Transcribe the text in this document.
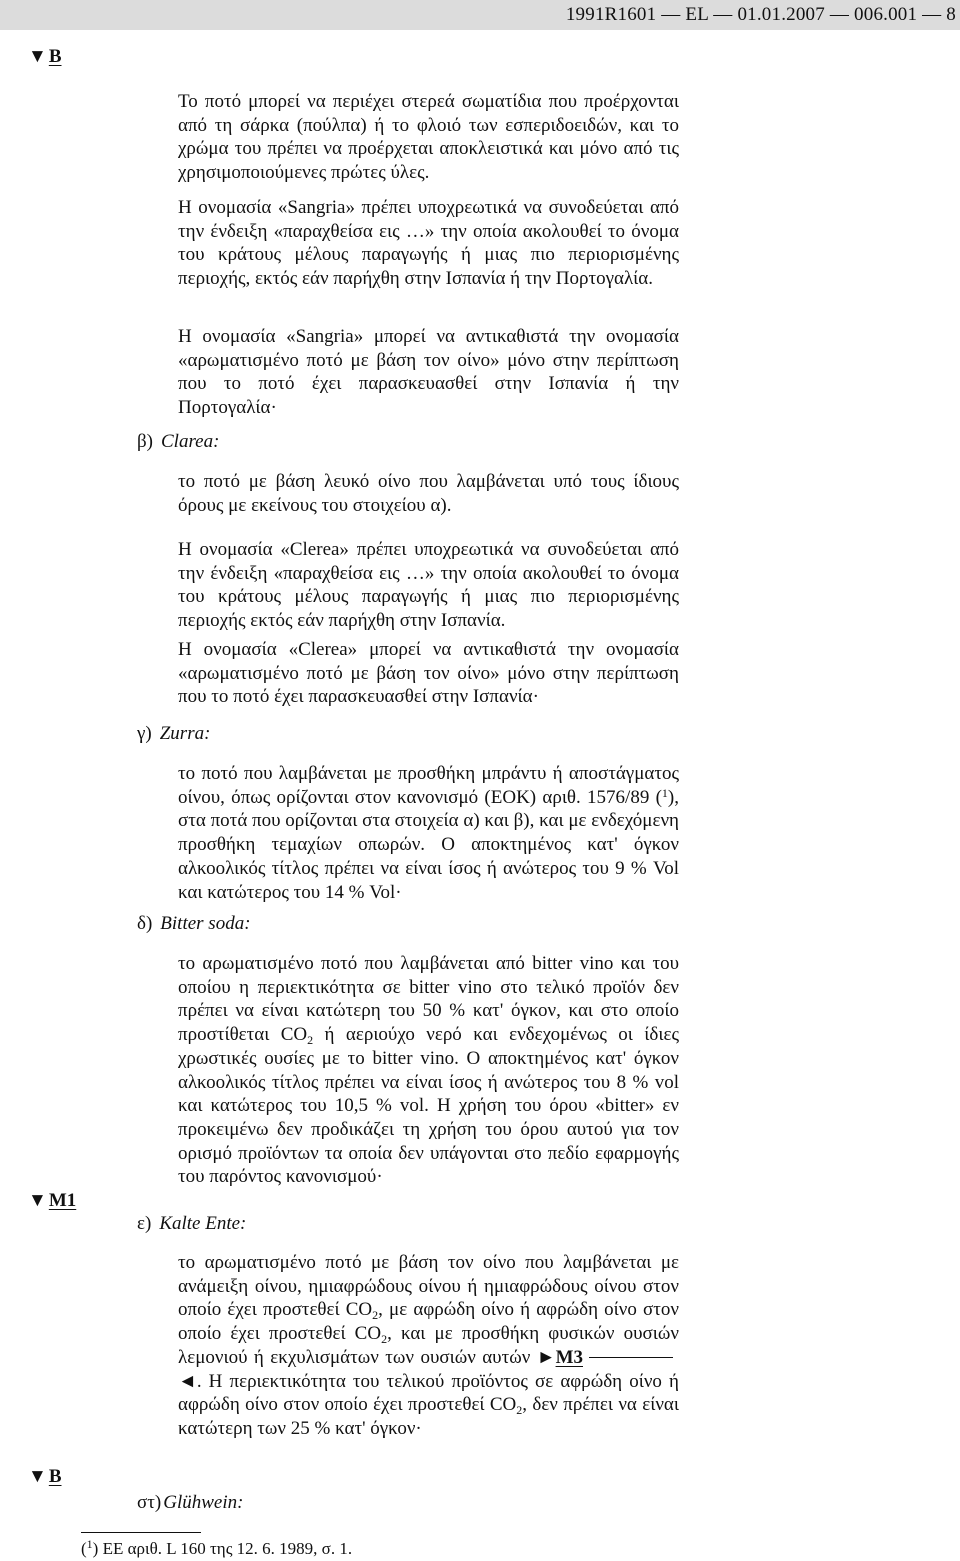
1991R1601 — EL — 01.01.2007 — 006.001 — 8
▼ B

Το ποτό μπορεί να περιέχει στερεά σωματίδια που προέρχονται από τη σάρκα (πούλπα) ή το φλοιό των εσπεριδοειδών, και το χρώμα του πρέπει να προέρχεται αποκλειστικά και μόνο από τις χρησιμοποιούμενες πρώτες ύλες.

Η ονομασία «Sangria» πρέπει υποχρεωτικά να συνοδεύεται από την ένδειξη «παραχθείσα εις …» την οποία ακολουθεί το όνομα του κράτους μέλους παραγωγής ή μιας πιο περιορισμένης περιοχής, εκτός εάν παρήχθη στην Ισπανία ή την Πορτογαλία.

Η ονομασία «Sangria» μπορεί να αντικαθιστά την ονομασία «αρωματισμένο ποτό με βάση τον οίνο» μόνο στην περίπτωση που το ποτό έχει παρασκευασθεί στην Ισπανία ή την Πορτογαλία·

β) Clarea:

το ποτό με βάση λευκό οίνο που λαμβάνεται υπό τους ίδιους όρους με εκείνους του στοιχείου α).

Η ονομασία «Clerea» πρέπει υποχρεωτικά να συνοδεύεται από την ένδειξη «παραχθείσα εις …» την οποία ακολουθεί το όνομα του κράτους μέλους παραγωγής ή μιας πιο περιορισμένης περιοχής εκτός εάν παρήχθη στην Ισπανία.

Η ονομασία «Clerea» μπορεί να αντικαθιστά την ονομασία «αρωματισμένο ποτό με βάση τον οίνο» μόνο στην περίπτωση που το ποτό έχει παρασκευασθεί στην Ισπανία·

γ) Zurra:

το ποτό που λαμβάνεται με προσθήκη μπράντυ ή αποστάγματος οίνου, όπως ορίζονται στον κανονισμό (ΕΟΚ) αριθ. 1576/89 ($^1$), στα ποτά που ορίζονται στα στοιχεία α) και β), και με ενδεχόμενη προσθήκη τεμαχίων οπωρών. Ο αποκτημένος κατ' όγκον αλκοολικός τίτλος πρέπει να είναι ίσος ή ανώτερος του 9 % Vol και κατώτερος του 14 % Vol·

δ) Bitter soda:

το αρωματισμένο ποτό που λαμβάνεται από bitter vino και του οποίου η περιεκτικότητα σε bitter vino στο τελικό προϊόν δεν πρέπει να είναι κατώτερη του 50 % κατ' όγκον, και στο οποίο προστίθεται $CO_2$ ή αεριούχο νερό και ενδεχομένως οι ίδιες χρωστικές ουσίες με το bitter vino. Ο αποκτημένος κατ' όγκον αλκοολικός τίτλος πρέπει να είναι ίσος ή ανώτερος του 8 % vol και κατώτερος του 10,5 % vol. Η χρήση του όρου «bitter» εν προκειμένω δεν προδικάζει τη χρήση του όρου αυτού για τον ορισμό προϊόντων τα οποία δεν υπάγονται στο πεδίο εφαρμογής του παρόντος κανονισμού·

▼ M1
ε) Kalte Ente:

το αρωματισμένο ποτό με βάση τον οίνο που λαμβάνεται με ανάμειξη οίνου, ημιαφρώδους οίνου ή ημιαφρώδους οίνου στον οποίο έχει προστεθεί $CO_2$, με αφρώδη οίνο ή αφρώδη οίνο στον οποίο έχει προστεθεί $CO_2$, και με προσθήκη φυσικών ουσιών λεμονιού ή εκχυλισμάτων των ουσιών αυτών ►M3◄. Η περιεκτικότητα του τελικού προϊόντος σε αφρώδη οίνο ή αφρώδη οίνο στον οποίο έχει προστεθεί $CO_2$, δεν πρέπει να είναι κατώτερη των 25 % κατ' όγκον·

▼ B
στ) Glühwein:
($^1$) ΕΕ αριθ. L 160 της 12. 6. 1989, σ. 1.
